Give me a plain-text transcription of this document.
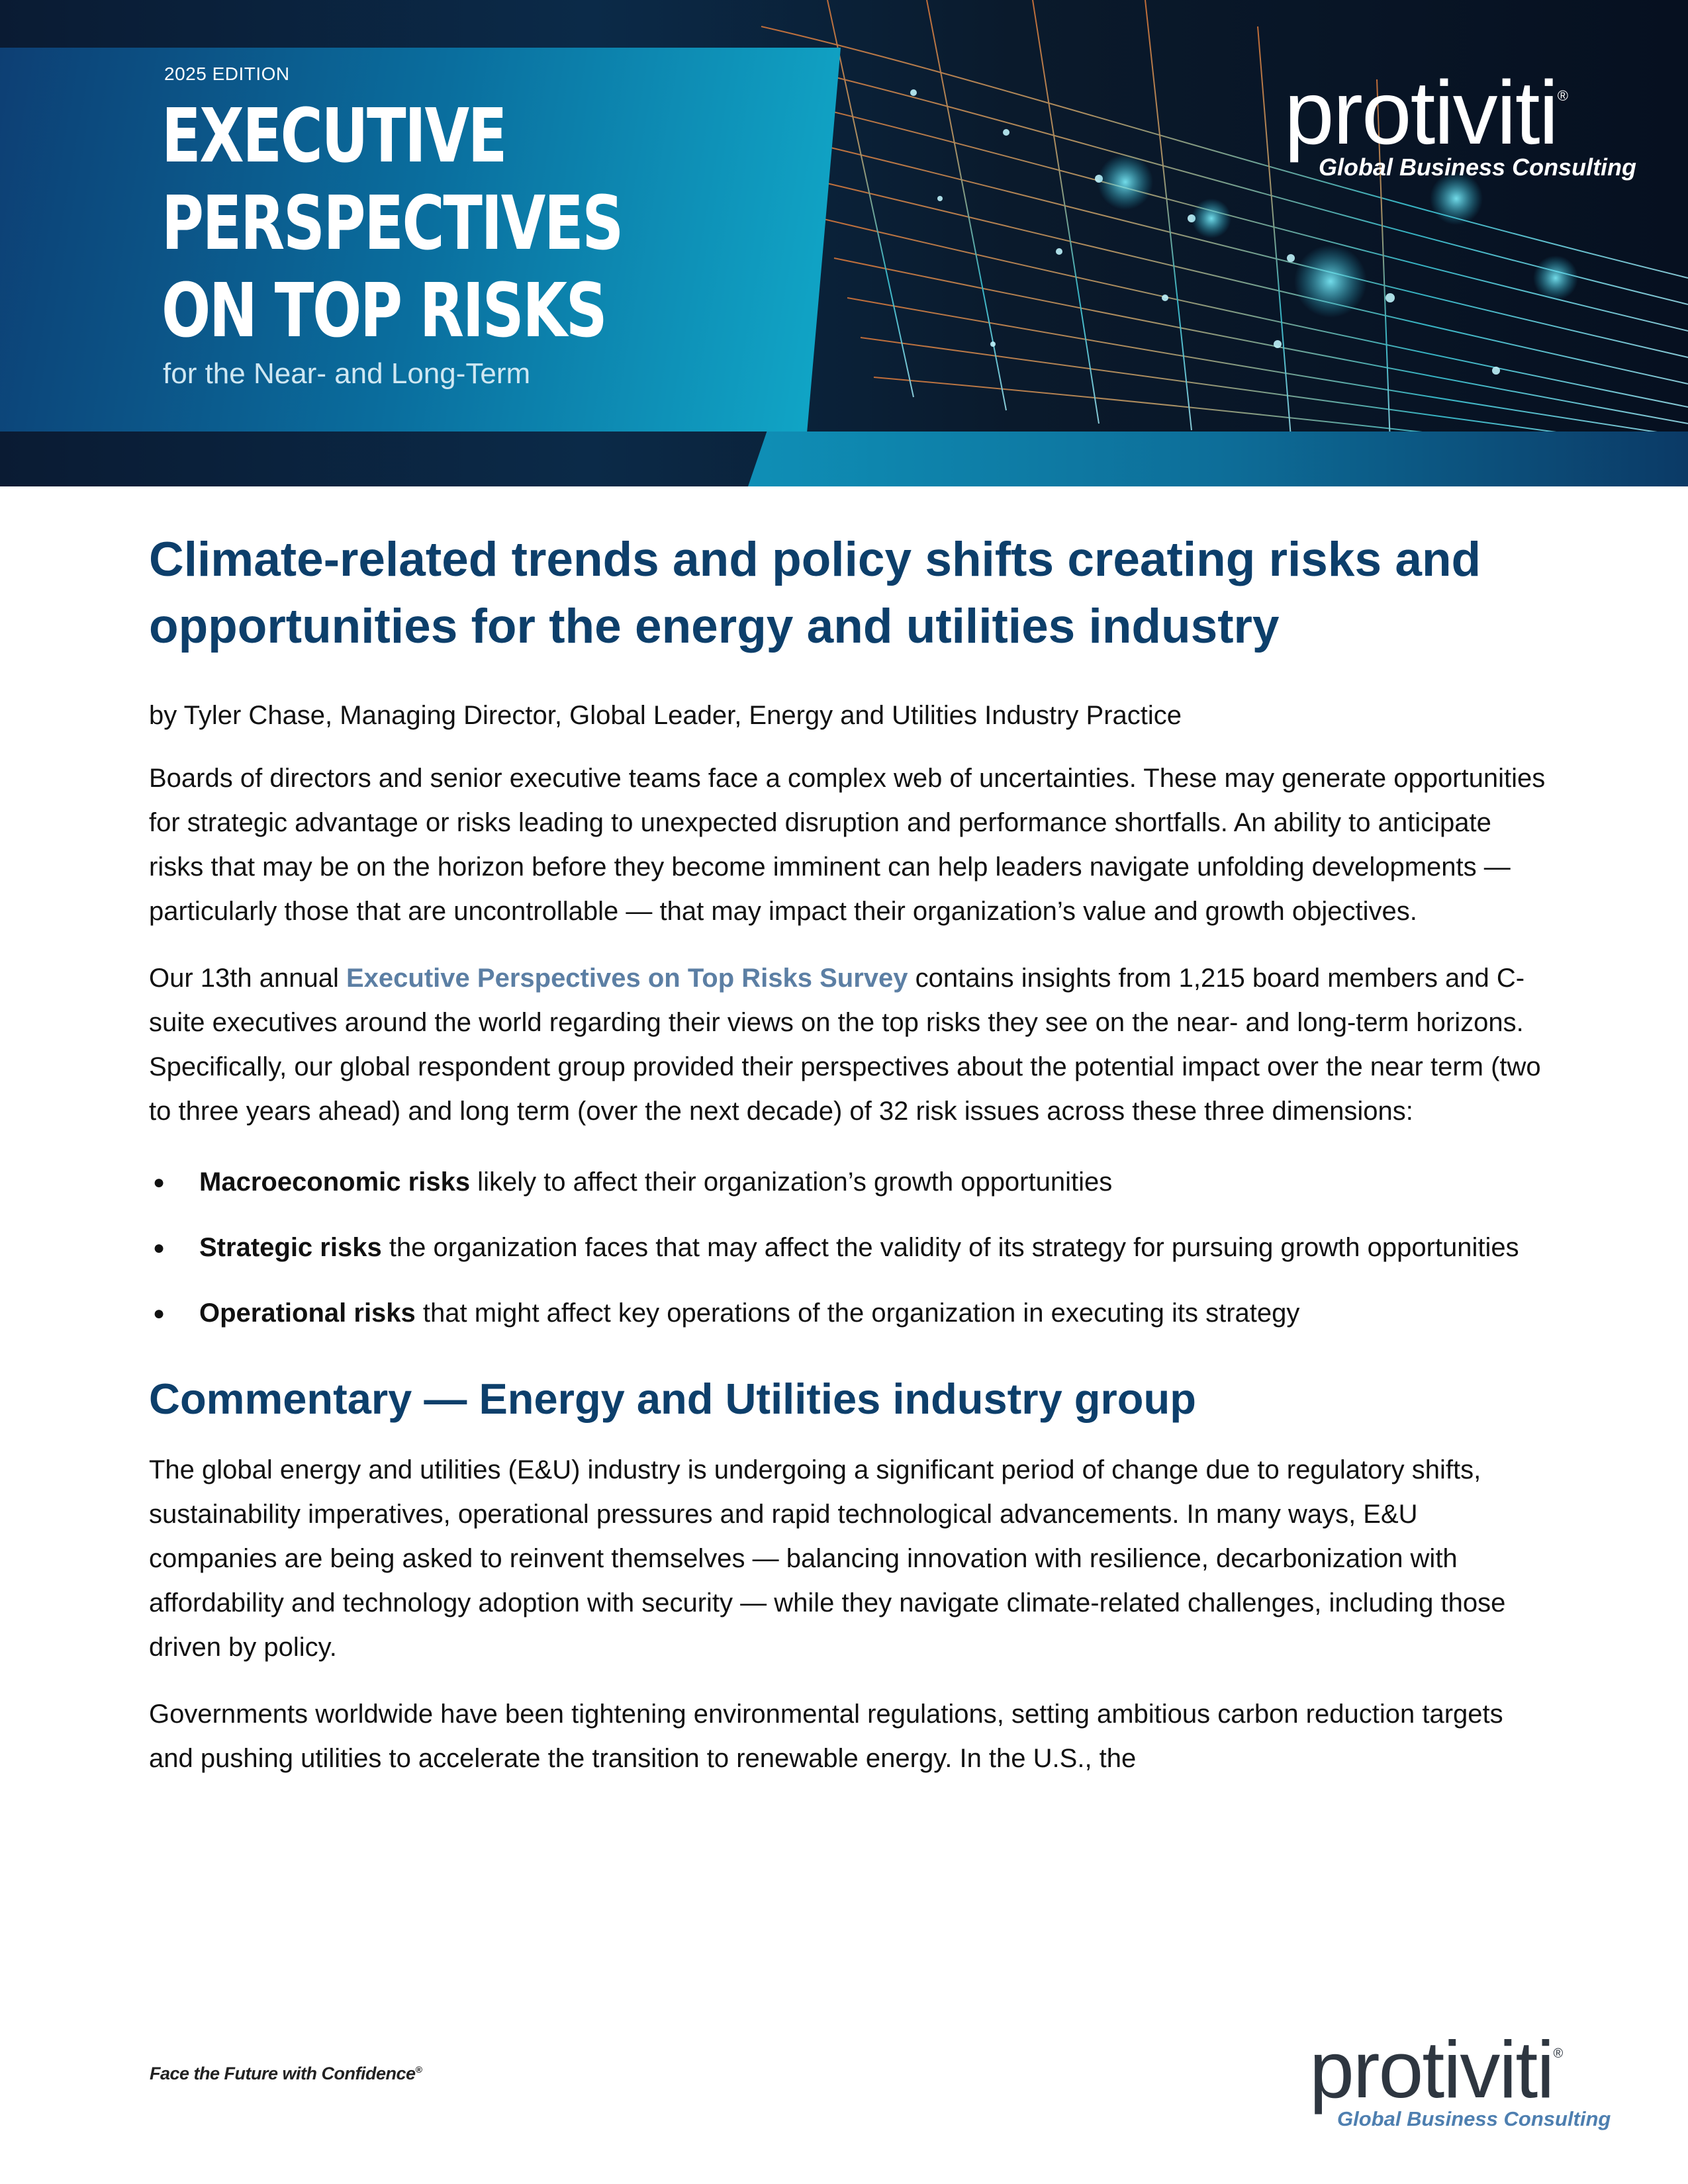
2025 EDITION
EXECUTIVE
PERSPECTIVES
ON TOP RISKS
for the Near- and Long-Term
protiviti®
Global Business Consulting
Climate-related trends and policy shifts creating risks and opportunities for the energy and utilities industry

by Tyler Chase, Managing Director, Global Leader, Energy and Utilities Industry Practice

Boards of directors and senior executive teams face a complex web of uncertainties. These may generate opportunities for strategic advantage or risks leading to unexpected disruption and performance shortfalls. An ability to anticipate risks that may be on the horizon before they become imminent can help leaders navigate unfolding developments — particularly those that are uncontrollable — that may impact their organization’s value and growth objectives.

Our 13th annual Executive Perspectives on Top Risks Survey contains insights from 1,215 board members and C-suite executives around the world regarding their views on the top risks they see on the near- and long-term horizons. Specifically, our global respondent group provided their perspectives about the potential impact over the near term (two to three years ahead) and long term (over the next decade) of 32 risk issues across these three dimensions:

● Macroeconomic risks likely to affect their organization’s growth opportunities
● Strategic risks the organization faces that may affect the validity of its strategy for pursuing growth opportunities
● Operational risks that might affect key operations of the organization in executing its strategy
Commentary — Energy and Utilities industry group

The global energy and utilities (E&U) industry is undergoing a significant period of change due to regulatory shifts, sustainability imperatives, operational pressures and rapid technological advancements. In many ways, E&U companies are being asked to reinvent themselves — balancing innovation with resilience, decarbonization with affordability and technology adoption with security — while they navigate climate-related challenges, including those driven by policy.

Governments worldwide have been tightening environmental regulations, setting ambitious carbon reduction targets and pushing utilities to accelerate the transition to renewable energy. In the U.S., the

Face the Future with Confidence®	protiviti®
Global Business Consulting
